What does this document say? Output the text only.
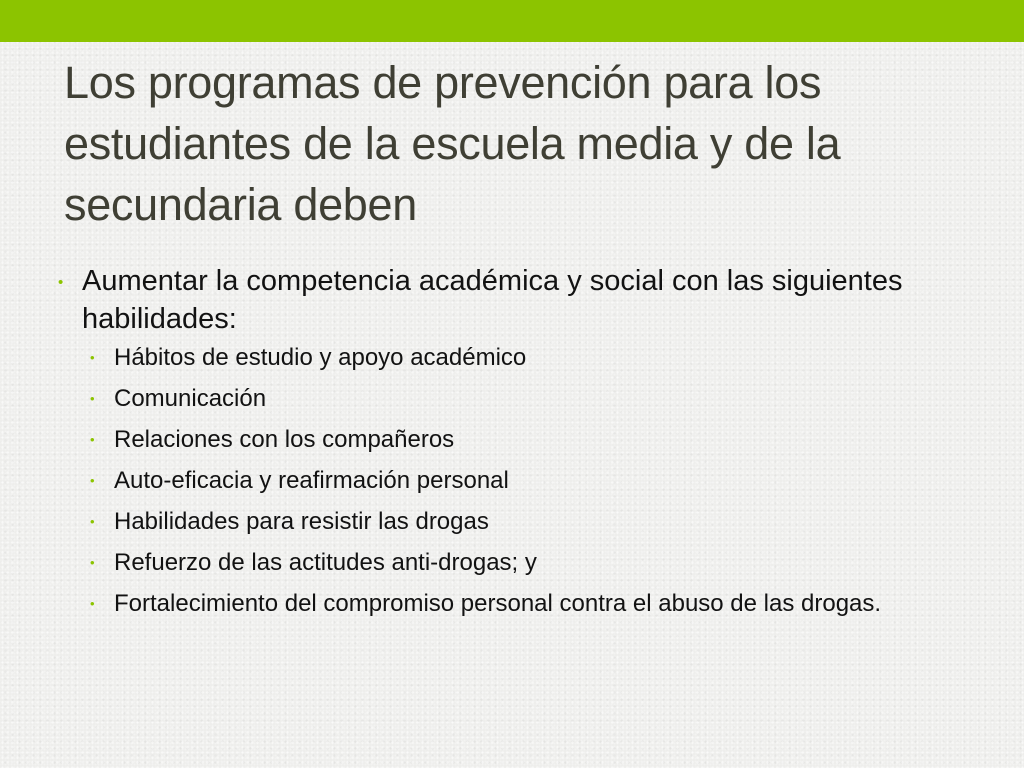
Los programas de prevención para los estudiantes de la escuela media y de la secundaria deben
• Aumentar la competencia académica y social con las siguientes habilidades:
• Hábitos de estudio y apoyo académico
• Comunicación
• Relaciones con los compañeros
• Auto-eficacia y reafirmación personal
• Habilidades para resistir las drogas
• Refuerzo de las actitudes anti-drogas; y
• Fortalecimiento del compromiso personal contra el abuso de las drogas.
